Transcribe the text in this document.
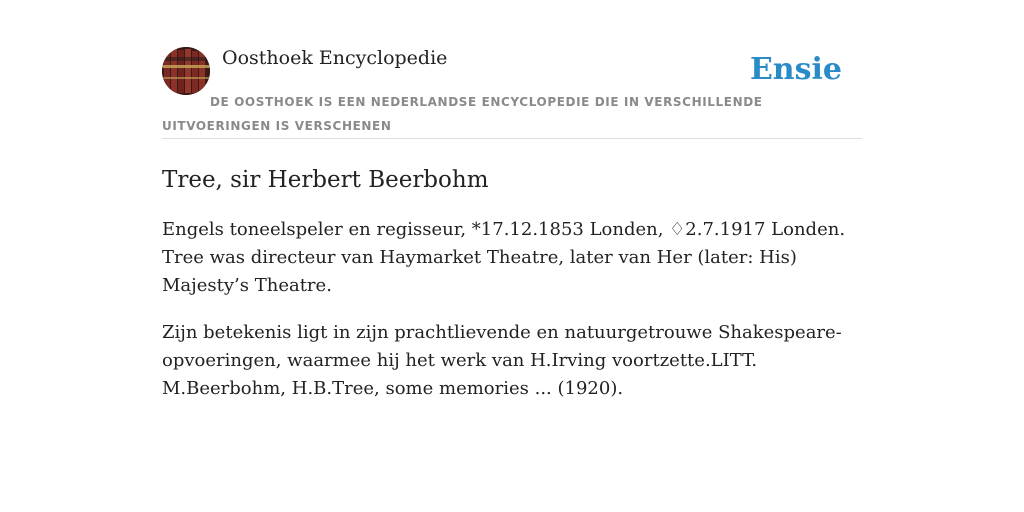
Oosthoek Encyclopedie	Ensie
DE OOSTHOEK IS EEN NEDERLANDSE ENCYCLOPEDIE DIE IN VERSCHILLENDE UITVOERINGEN IS VERSCHENEN
Tree, sir Herbert Beerbohm

Engels toneelspeler en regisseur, *17.12.1853 Londen, ♢2.7.1917 Londen. Tree was directeur van Haymarket Theatre, later van Her (later: His) Majesty’s Theatre.

Zijn betekenis ligt in zijn prachtlievende en natuurgetrouwe Shakespeare-opvoeringen, waarmee hij het werk van H.Irving voortzette.LITT. M.Beerbohm, H.B.Tree, some memories ... (1920).
